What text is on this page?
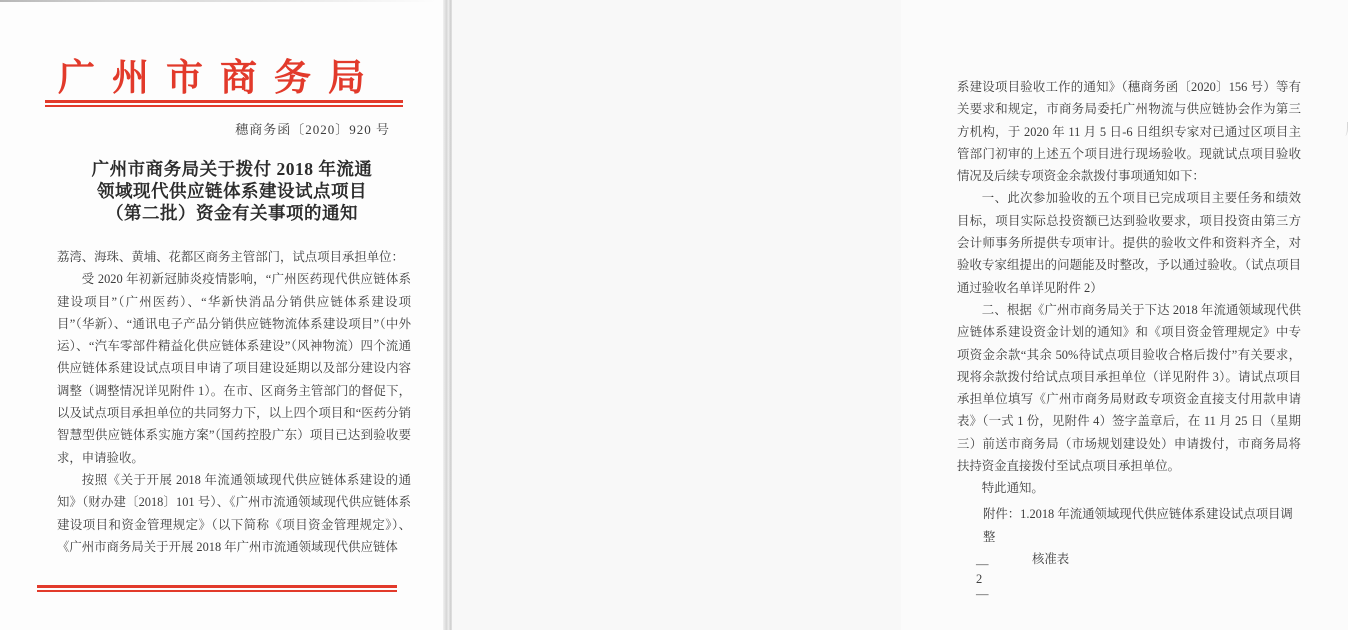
广州市商务局
穗商务函〔2020〕920 号
广州市商务局关于拨付 2018 年流通
领域现代供应链体系建设试点项目
（第二批）资金有关事项的通知

荔湾、海珠、黄埔、花都区商务主管部门，试点项目承担单位：

受 2020 年初新冠肺炎疫情影响，“广州医药现代供应链体系建设项目”（广州医药）、“华新快消品分销供应链体系建设项目”（华新）、“通讯电子产品分销供应链物流体系建设项目”（中外运）、“汽车零部件精益化供应链体系建设”（风神物流）四个流通供应链体系建设试点项目申请了项目建设延期以及部分建设内容调整（调整情况详见附件 1）。在市、区商务主管部门的督促下，以及试点项目承担单位的共同努力下，以上四个项目和“医药分销智慧型供应链体系实施方案”（国药控股广东）项目已达到验收要求，申请验收。

按照《关于开展 2018 年流通领域现代供应链体系建设的通知》（财办建〔2018〕101 号）、《广州市流通领域现代供应链体系建设项目和资金管理规定》（以下简称《项目资金管理规定》）、《广州市商务局关于开展 2018 年广州市流通领域现代供应链体

系建设项目验收工作的通知》（穗商务函〔2020〕156 号）等有关要求和规定，市商务局委托广州物流与供应链协会作为第三方机构，于 2020 年 11 月 5 日-6 日组织专家对已通过区项目主管部门初审的上述五个项目进行现场验收。现就试点项目验收情况及后续专项资金余款拨付事项通知如下：

一、此次参加验收的五个项目已完成项目主要任务和绩效目标，项目实际总投资额已达到验收要求，项目投资由第三方会计师事务所提供专项审计。提供的验收文件和资料齐全，对验收专家组提出的问题能及时整改，予以通过验收。（试点项目通过验收名单详见附件 2）

二、根据《广州市商务局关于下达 2018 年流通领域现代供应链体系建设资金计划的通知》和《项目资金管理规定》中专项资金余款“其余 50%待试点项目验收合格后拨付”有关要求，现将余款拨付给试点项目承担单位（详见附件 3）。请试点项目承担单位填写《广州市商务局财政专项资金直接支付用款申请表》（一式 1 份，见附件 4）签字盖章后，在 11 月 25 日（星期三）前送市商务局（市场规划建设处）申请拨付，市商务局将扶持资金直接拨付至试点项目承担单位。

特此通知。

附件：1.2018 年流通领域现代供应链体系建设试点项目调整
核准表
— 2 —
